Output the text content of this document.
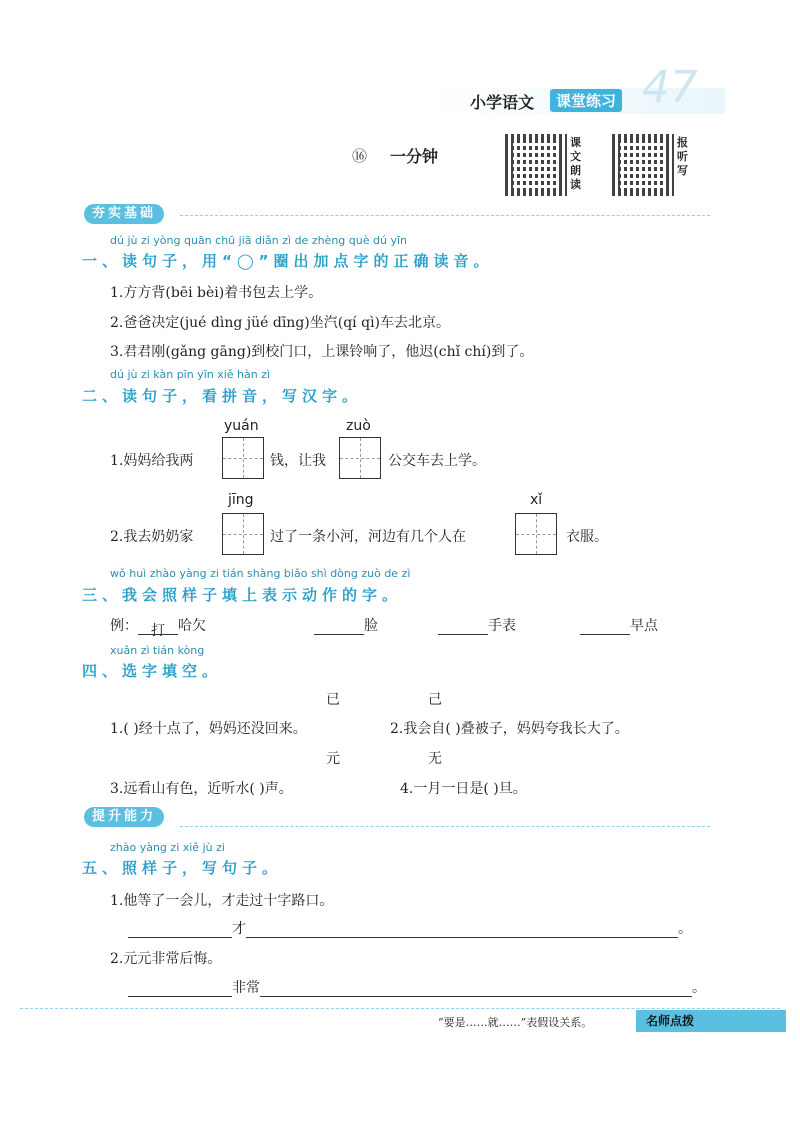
小学语文	课堂练习 47
⑯ 一分钟
课文朗读
报听写
夯实基础
dú jù zi yòng quān chū jiā diǎn zì de zhèng què dú yīn
一、读句子，用“◯”圈出加点字的正确读音。
1.方方背(bēi bèi)着书包去上学。
2.爸爸决定(jué dìng jüé dīng)坐汽(qí qì)车去北京。
3.君君刚(gǎng gāng)到校门口，上课铃响了，他迟(chǐ chí)到了。
dú jù zi kàn pīn yīn xiě hàn zì
二、读句子，看拼音，写汉字。
yuán	zuò
1.妈妈给我两	钱，让我	公交车去上学。
jīng	xǐ
2.我去奶奶家	过了一条小河，河边有几个人在	衣服。
wǒ huì zhào yàng zi tián shàng biǎo shì dòng zuò de zì
三、我会照样子填上表示动作的字。
例： 打 哈欠	脸	手表	早点
xuǎn zì tián kòng
四、选字填空。
已	己
1.( )经十点了，妈妈还没回来。	2.我会自( )叠被子，妈妈夸我长大了。
元	无
3.远看山有色，近听水( )声。	4.一月一日是( )旦。
提升能力
zhào yàng zi xiě jù zi
五、照样子，写句子。
1.他等了一会儿，才走过十字路口。
才	。
2.元元非常后悔。
非常	。
“要是……就……”表假设关系。	名师点拨
